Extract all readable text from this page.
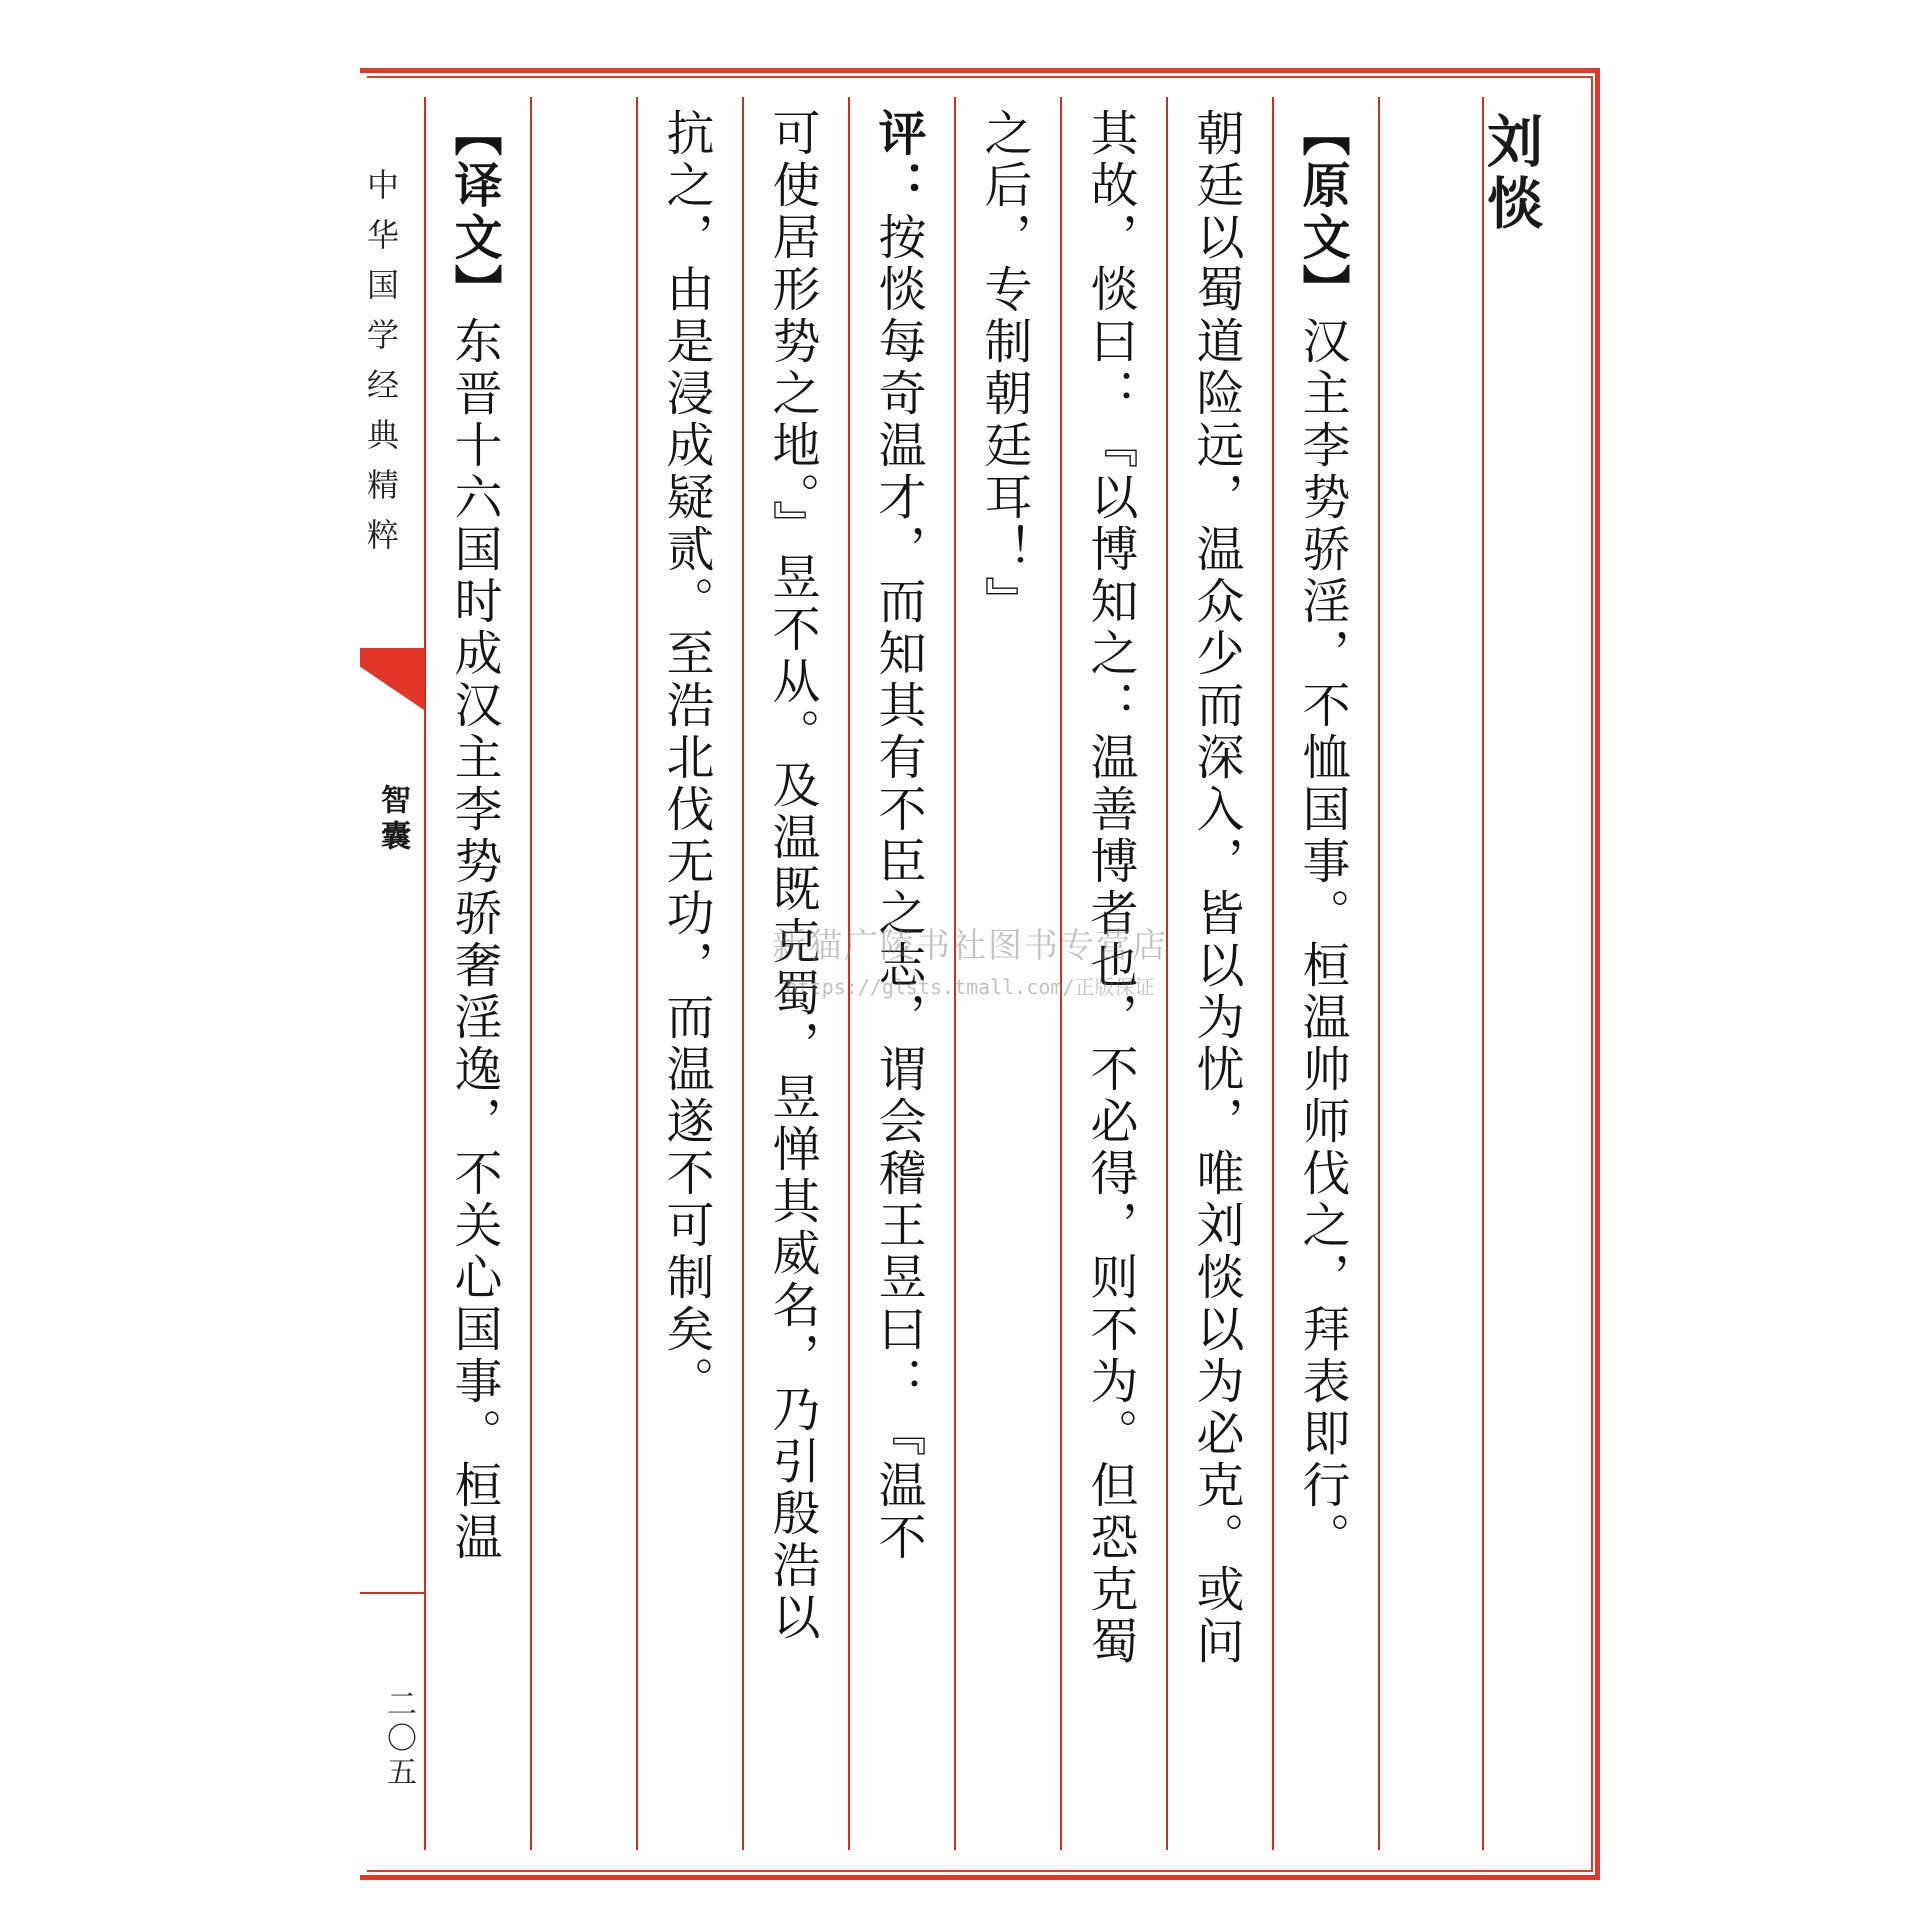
中华国学经典精粹
智囊
二〇五
刘惔
【原文】汉主李势骄淫，不恤国事。桓温帅师伐之，拜表即行。
朝廷以蜀道险远，温众少而深入，皆以为忧，唯刘惔以为必克。或问
其故，惔曰：『以博知之：温善博者也，不必得，则不为。但恐克蜀
之后，专制朝廷耳！』
评：按惔每奇温才，而知其有不臣之志，谓会稽王昱曰：『温不
可使居形势之地。』昱不从。及温既克蜀，昱惮其威名，乃引殷浩以
抗之，由是浸成疑贰。至浩北伐无功，而温遂不可制矣。
【译文】东晋十六国时成汉主李势骄奢淫逸，不关心国事。桓温	新猫广陵书社图书专营店
https://glsts.tmall.com/正版保证
